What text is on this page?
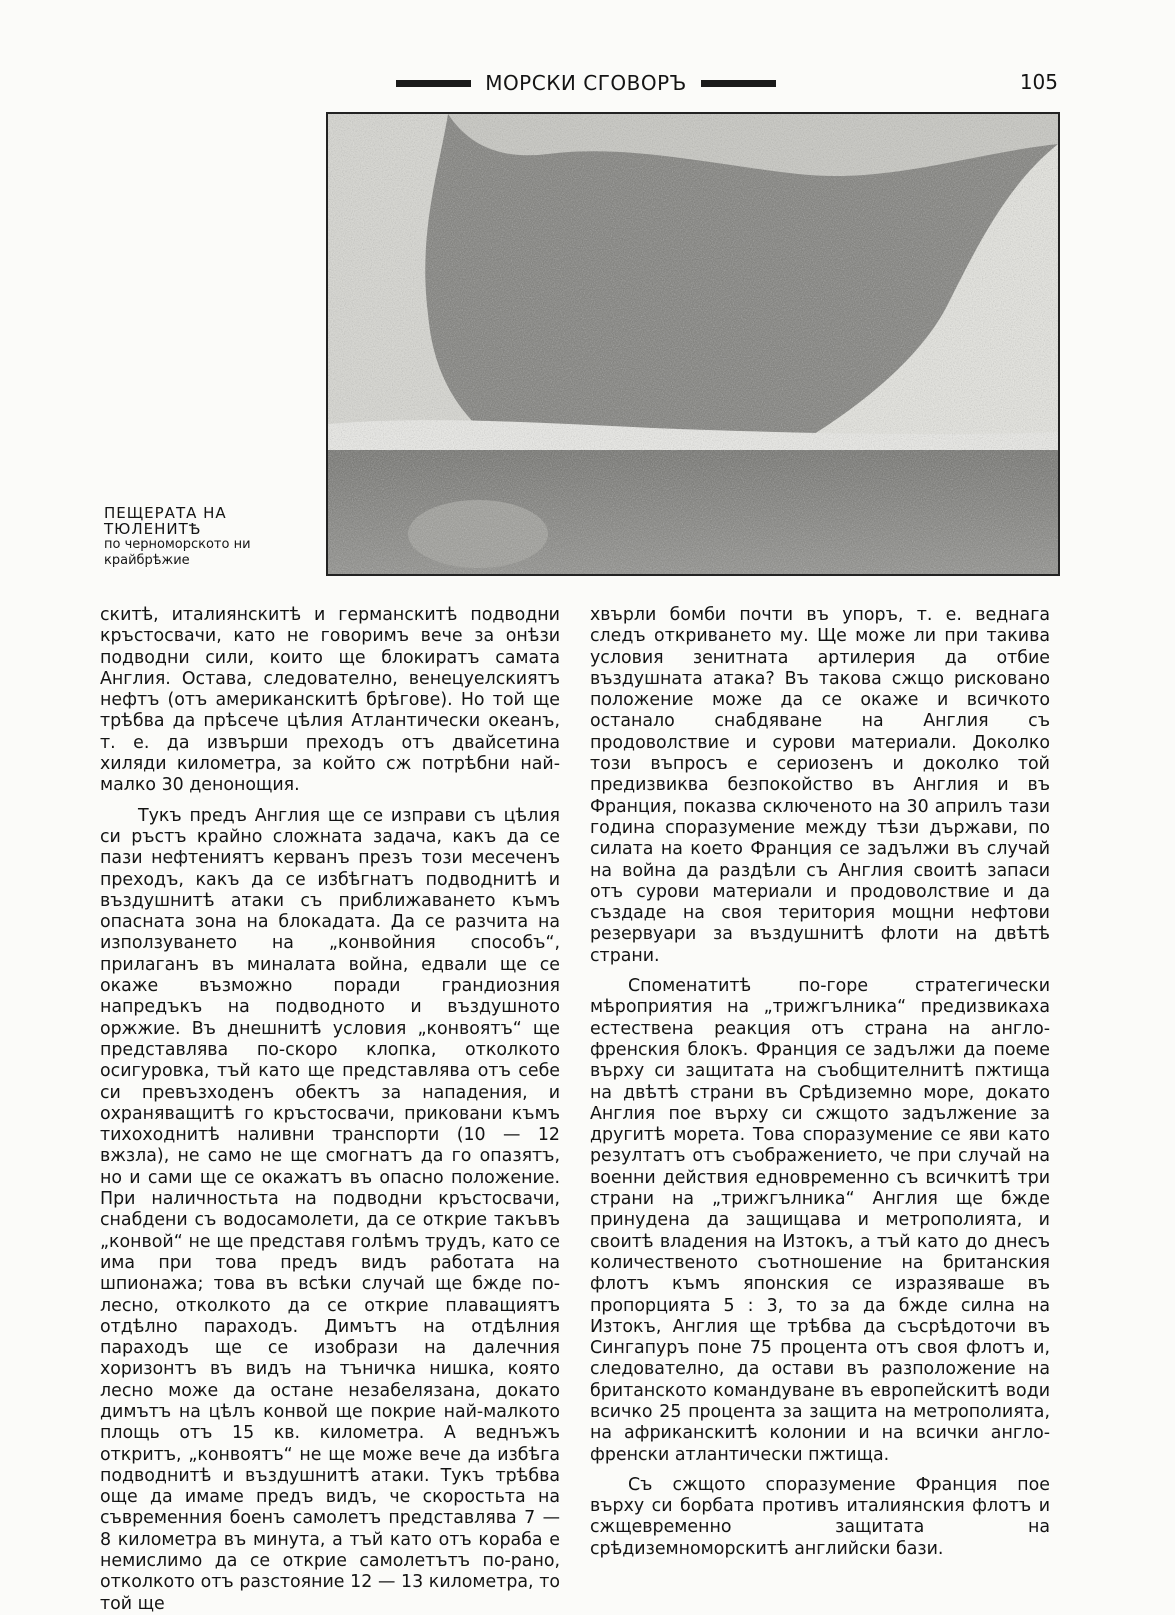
МОРСКИ СГОВОРЪ	105
ПЕЩЕРАТА НА
ТЮЛЕНИТѢ
по черноморското ни
крайбрѣжие

скитѣ, италиянскитѣ и германскитѣ подводни кръстосвачи, като не говоримъ вече за онѣзи подводни сили, които ще блокиратъ самата Англия. Остава, следователно, венецуелскиятъ нефтъ (отъ американскитѣ брѣгове). Но той ще трѣбва да прѣсече цѣлия Атлантически океанъ, т. е. да извърши преходъ отъ двайсетина хиляди километра, за който сж потрѣбни най-малко 30 денонощия.

Тукъ предъ Англия ще се изправи съ цѣлия си ръстъ крайно сложната задача, какъ да се пази нефтениятъ керванъ презъ този месеченъ преходъ, какъ да се избѣгнатъ подводнитѣ и въздушнитѣ атаки съ приближаването къмъ опасната зона на блокадата. Да се разчита на използуването на „конвойния способъ“, прилаганъ въ миналата война, едвали ще се окаже възможно поради грандиозния напредъкъ на подводното и въздушното оржжие. Въ днешнитѣ условия „конвоятъ“ ще представлява по-скоро клопка, отколкото осигуровка, тъй като ще представлява отъ себе си превъзходенъ обектъ за нападения, и охраняващитѣ го кръстосвачи, приковани къмъ тихоходнитѣ наливни транспорти (10 — 12 вжзла), не само не ще смогнатъ да го опазятъ, но и сами ще се окажатъ въ опасно положение. При наличностьта на подводни кръстосвачи, снабдени съ водосамолети, да се открие такъвъ „конвой“ не ще представя голѣмъ трудъ, като се има при това предъ видъ работата на шпионажа; това въ всѣки случай ще бжде по-лесно, отколкото да се открие плаващиятъ отдѣлно параходъ. Димътъ на отдѣлния параходъ ще се изобрази на далечния хоризонтъ въ видъ на тъничка нишка, която лесно може да остане незабелязана, докато димътъ на цѣлъ конвой ще покрие най-малкото площь отъ 15 кв. километра. А веднъжъ откритъ, „конвоятъ“ не ще може вече да избѣга подводнитѣ и въздушнитѣ атаки. Тукъ трѣбва още да имаме предъ видъ, че скоростьта на съвременния боенъ самолетъ представлява 7 — 8 километра въ минута, а тъй като отъ кораба е немислимо да се открие самолетътъ по-рано, отколкото отъ разстояние 12 — 13 километра, то той ще

хвърли бомби почти въ упоръ, т. е. веднага следъ откриването му. Ще може ли при такива условия зенитната артилерия да отбие въздушната атака? Въ такова сжщо рисковано положение може да се окаже и всичкото останало снабдяване на Англия съ продоволствие и сурови материали. Доколко този въпросъ е сериозенъ и доколко той предизвиква безпокойство въ Англия и въ Франция, показва сключеното на 30 априлъ тази година споразумение между тѣзи държави, по силата на което Франция се задължи въ случай на война да раздѣли съ Англия своитѣ запаси отъ сурови материали и продоволствие и да създаде на своя територия мощни нефтови резервуари за въздушнитѣ флоти на двѣтѣ страни.

Споменатитѣ по-горе стратегически мѣроприятия на „трижгълника“ предизвикаха естествена реакция отъ страна на англо-френския блокъ. Франция се задължи да поеме върху си защитата на съобщителнитѣ пжтища на двѣтѣ страни въ Срѣдиземно море, докато Англия пое върху си сжщото задължение за другитѣ морета. Това споразумение се яви като резултатъ отъ съображението, че при случай на военни действия едновременно съ всичкитѣ три страни на „трижгълника“ Англия ще бжде принудена да защищава и метрополията, и своитѣ владения на Изтокъ, а тъй като до днесъ количественото съотношение на британския флотъ къмъ японския се изразяваше въ пропорцията 5 : 3, то за да бжде силна на Изтокъ, Англия ще трѣбва да съсрѣдоточи въ Сингапуръ поне 75 процента отъ своя флотъ и, следователно, да остави въ разположение на британското командуване въ европейскитѣ води всичко 25 процента за защита на метрополията, на африканскитѣ колонии и на всички англо-френски атлантически пжтища.

Съ сжщото споразумение Франция пое върху си борбата противъ италиянския флотъ и сжщевременно защитата на срѣдиземноморскитѣ английски бази.
